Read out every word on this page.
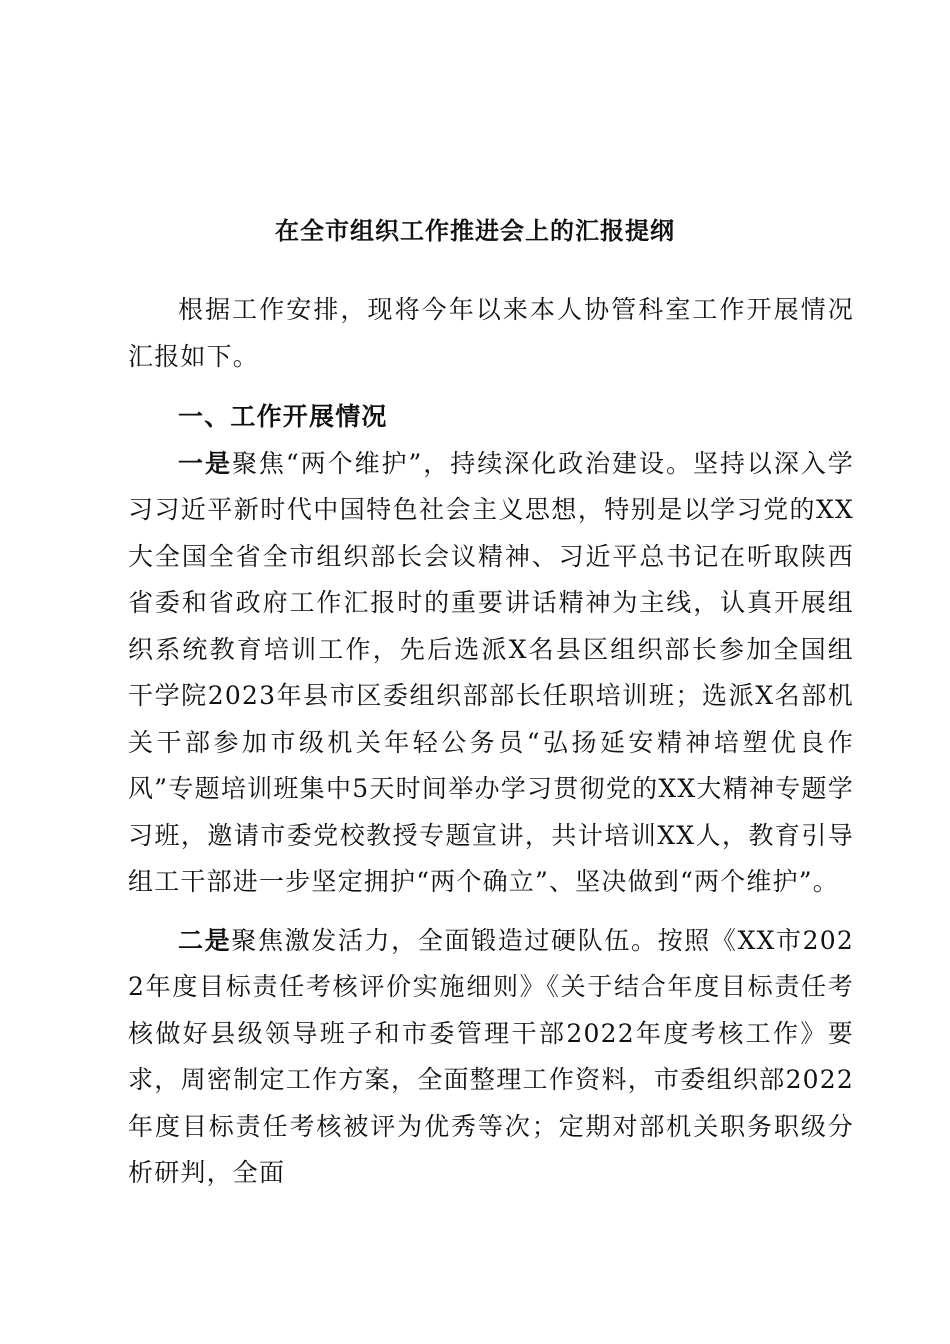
在全市组织工作推进会上的汇报提纲

根据工作安排，现将今年以来本人协管科室工作开展情况汇报如下。

一、工作开展情况

一是聚焦“两个维护”，持续深化政治建设。坚持以深入学习习近平新时代中国特色社会主义思想，特别是以学习党的XX大全国全省全市组织部长会议精神、习近平总书记在听取陕西省委和省政府工作汇报时的重要讲话精神为主线，认真开展组织系统教育培训工作，先后选派X名县区组织部长参加全国组干学院2023年县市区委组织部部长任职培训班；选派X名部机关干部参加市级机关年轻公务员“弘扬延安精神培塑优良作风”专题培训班集中5天时间举办学习贯彻党的XX大精神专题学习班，邀请市委党校教授专题宣讲，共计培训XX人，教育引导组工干部进一步坚定拥护“两个确立”、坚决做到“两个维护”。

二是聚焦激发活力，全面锻造过硬队伍。按照《XX市2022年度目标责任考核评价实施细则》《关于结合年度目标责任考核做好县级领导班子和市委管理干部2022年度考核工作》要求，周密制定工作方案，全面整理工作资料，市委组织部2022年度目标责任考核被评为优秀等次；定期对部机关职务职级分析研判，全面
